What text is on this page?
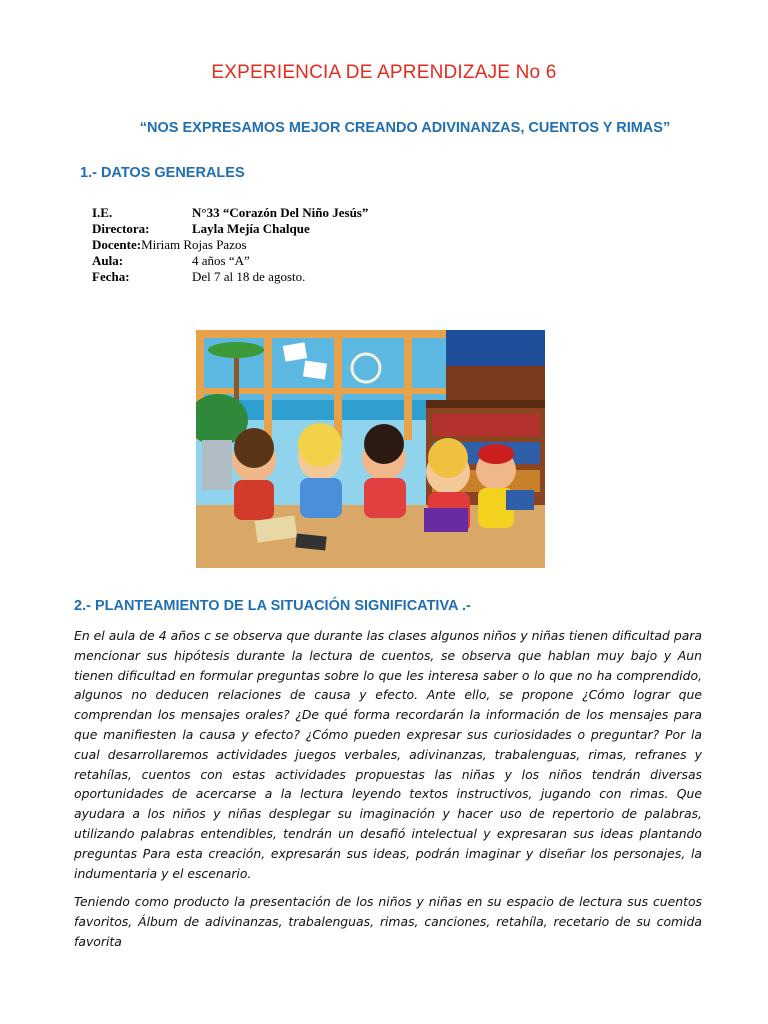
EXPERIENCIA DE APRENDIZAJE No 6
“NOS EXPRESAMOS MEJOR CREANDO ADIVINANZAS, CUENTOS Y RIMAS”
1.- DATOS GENERALES
I.E.	N°33 “Corazón Del Niño Jesús”
Directora:	Layla Mejía Chalque
Docente: Miriam Rojas Pazos
Aula:	4 años “A”
Fecha:	Del 7 al 18 de agosto.
2.- PLANTEAMIENTO DE LA SITUACIÓN SIGNIFICATIVA .-
En el aula de 4 años c se observa que durante las clases algunos niños y niñas tienen dificultad para mencionar sus hipótesis durante la lectura de cuentos, se observa que hablan muy bajo y Aun tienen dificultad en formular preguntas sobre lo que les interesa saber o lo que no ha comprendido, algunos no deducen relaciones de causa y efecto. Ante ello, se propone ¿Cómo lograr que comprendan los mensajes orales? ¿De qué forma recordarán la información de los mensajes para que manifiesten la causa y efecto? ¿Cómo pueden expresar sus curiosidades o preguntar? Por la cual desarrollaremos actividades juegos verbales, adivinanzas, trabalenguas, rimas, refranes y retahílas, cuentos con estas actividades propuestas las niñas y los niños tendrán diversas oportunidades de acercarse a la lectura leyendo textos instructivos, jugando con rimas. Que ayudara a los niños y niñas desplegar su imaginación y hacer uso de repertorio de palabras, utilizando palabras entendibles, tendrán un desafió intelectual y expresaran sus ideas plantando preguntas Para esta creación, expresarán sus ideas, podrán imaginar y diseñar los personajes, la indumentaria y el escenario.
Teniendo como producto la presentación de los niños y niñas en su espacio de lectura sus cuentos favoritos, Álbum de adivinanzas, trabalenguas, rimas, canciones, retahíla, recetario de su comida favorita
